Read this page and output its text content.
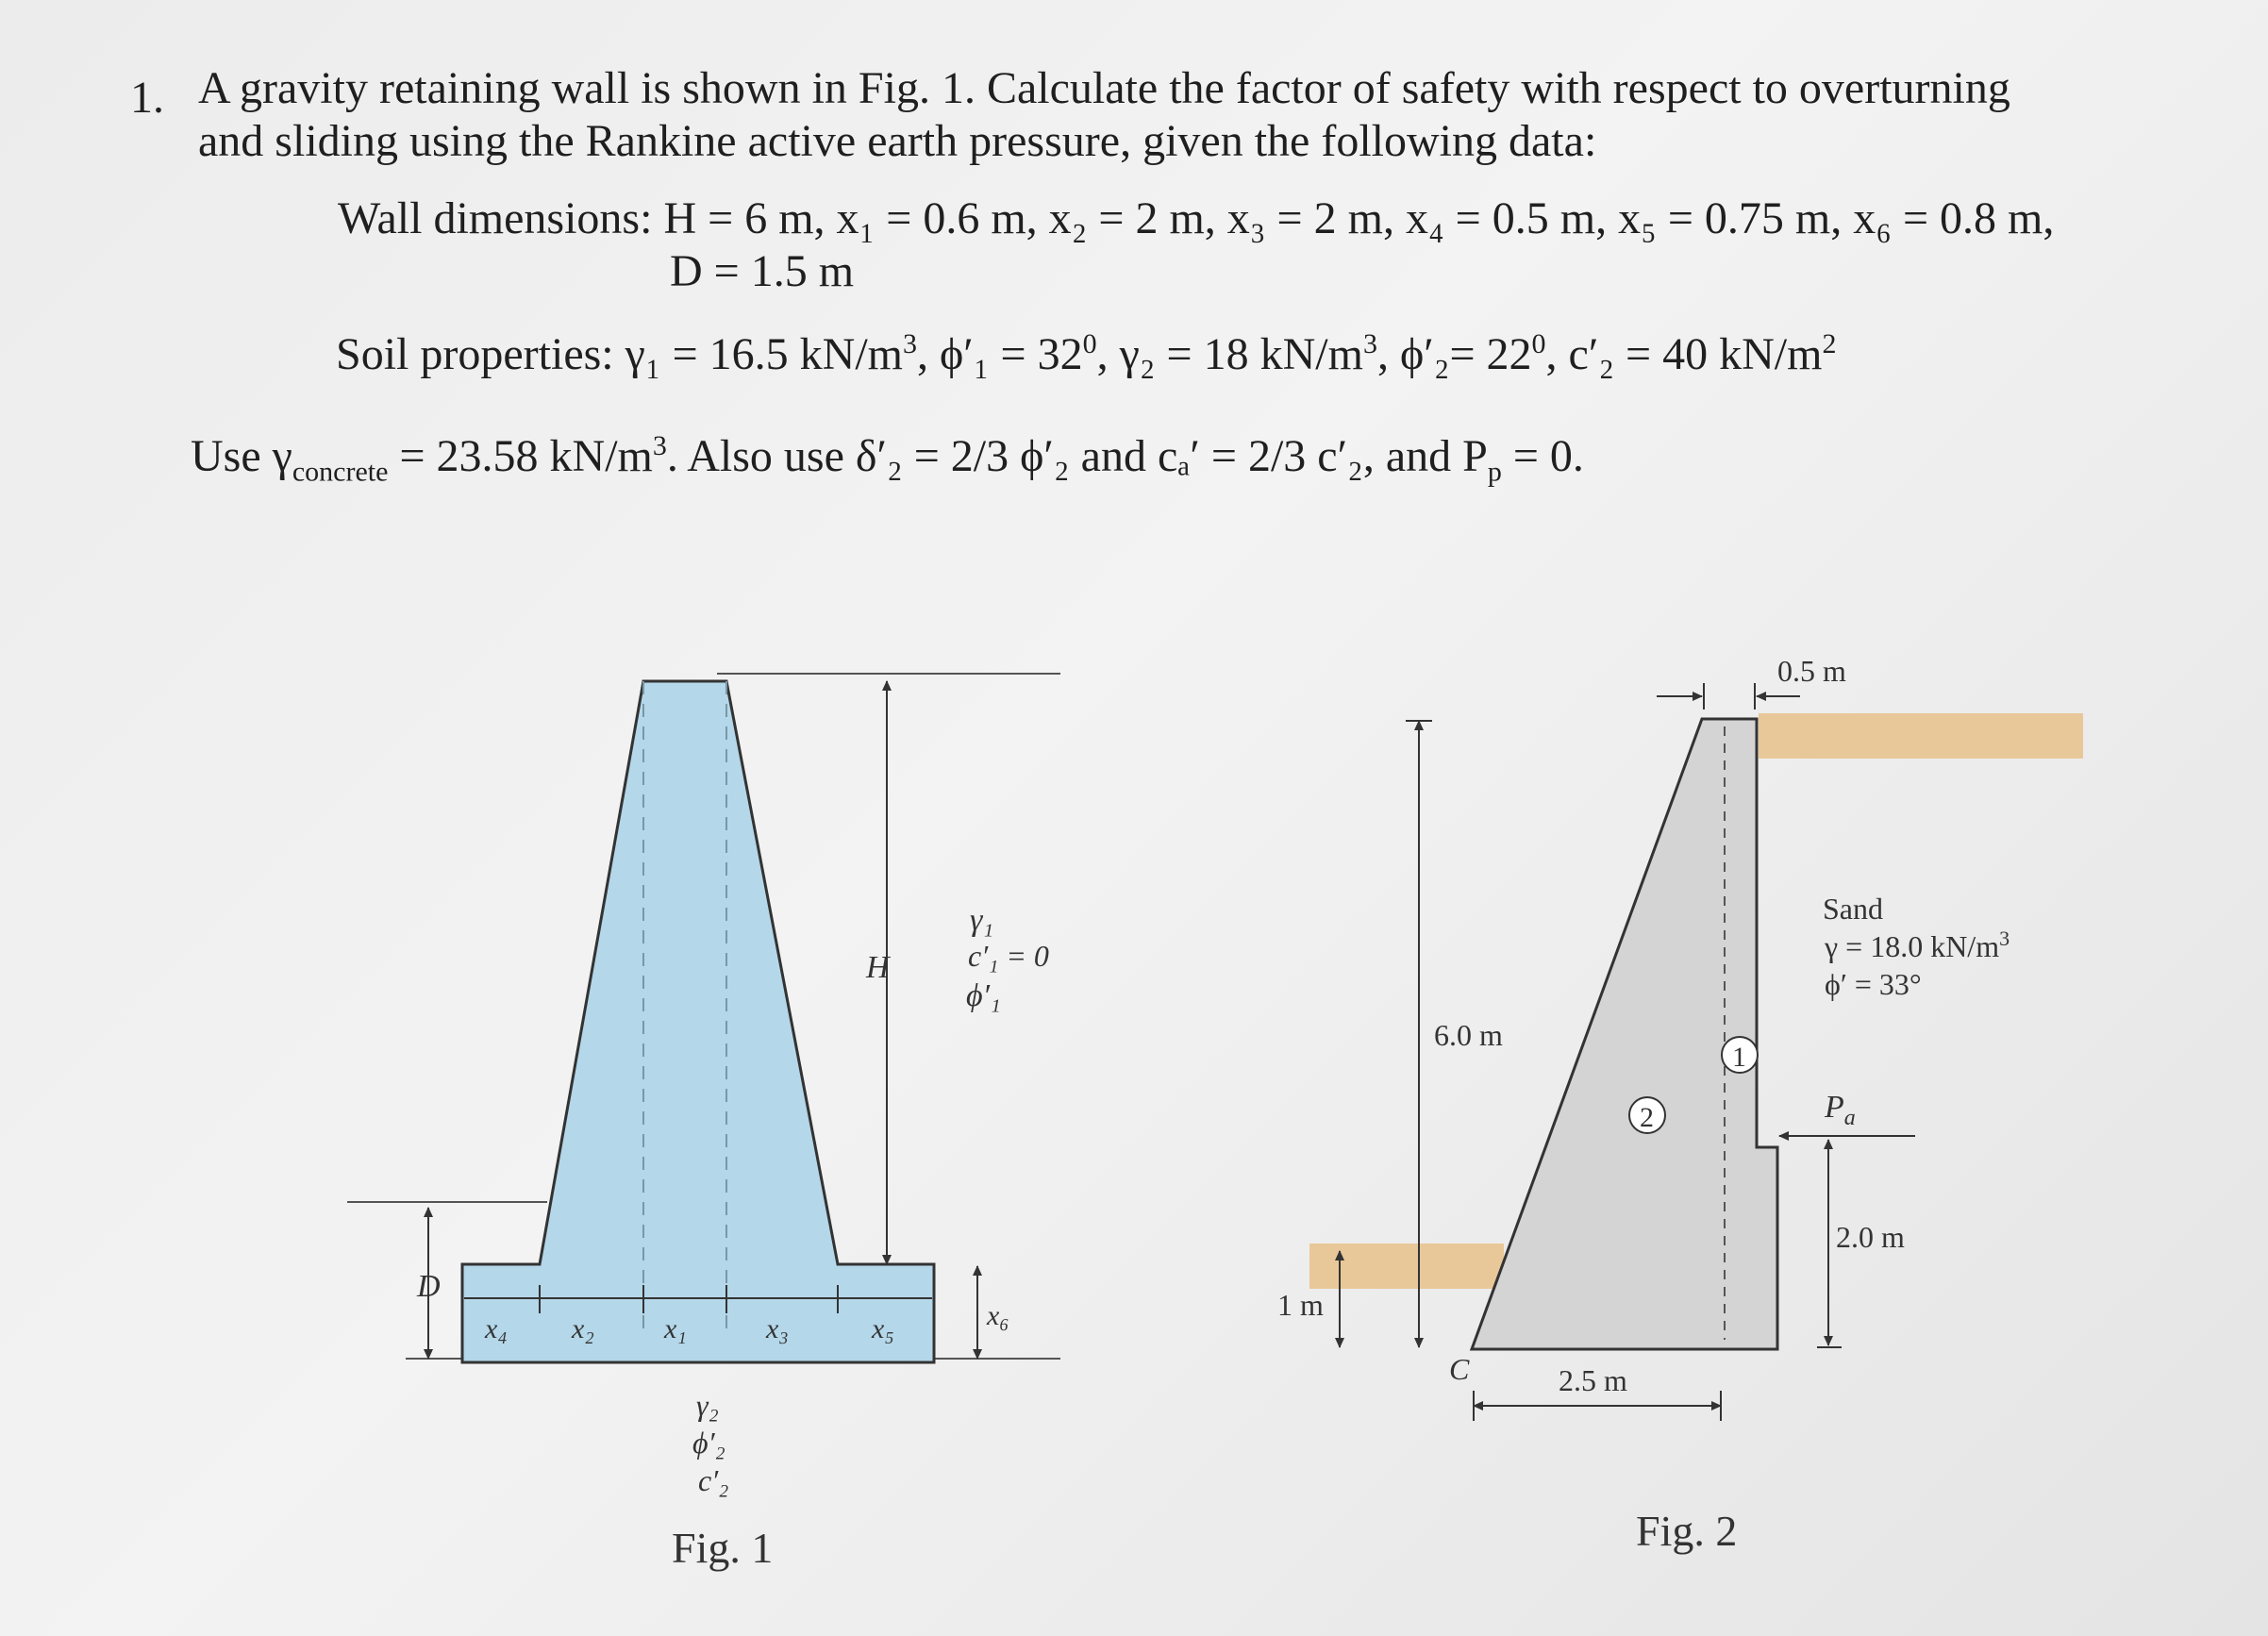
1. A gravity retaining wall is shown in Fig. 1. Calculate the factor of safety with respect to overturning
and sliding using the Rankine active earth pressure, given the following data:
Wall dimensions: H = 6 m, x₁ = 0.6 m, x₂ = 2 m, x₃ = 2 m, x₄ = 0.5 m, x₅ = 0.75 m, x₆ = 0.8 m,
D = 1.5 m
Soil properties: γ₁ = 16.5 $kN/m^3$, $\phi'_1 = 32^0$, γ₂ = 18 $kN/m^3$, $\phi'_2= 22^0$, c′₂ = 40 $kN/m^2$
Use $\gamma_{concrete} = 23.58$ $kN/m^3$. Also use δ′₂ = 2/3 ϕ′₂ and cₐ′ = 2/3 c′₂, and $P_p = 0$.
H
γ₁
c′₁ = 0
ϕ′₁
D
x₄ x₂ x₁	x₃	x₅	x₆
γ₂
ϕ′₂
c′₂
Fig. 1
2
1
0.5 m
6.0 m
1 m
C	2.5 m
Sand
γ = 18.0 $kN/m^3$
ϕ′ = 33°
$P_a$
2.0 m
Fig. 2
